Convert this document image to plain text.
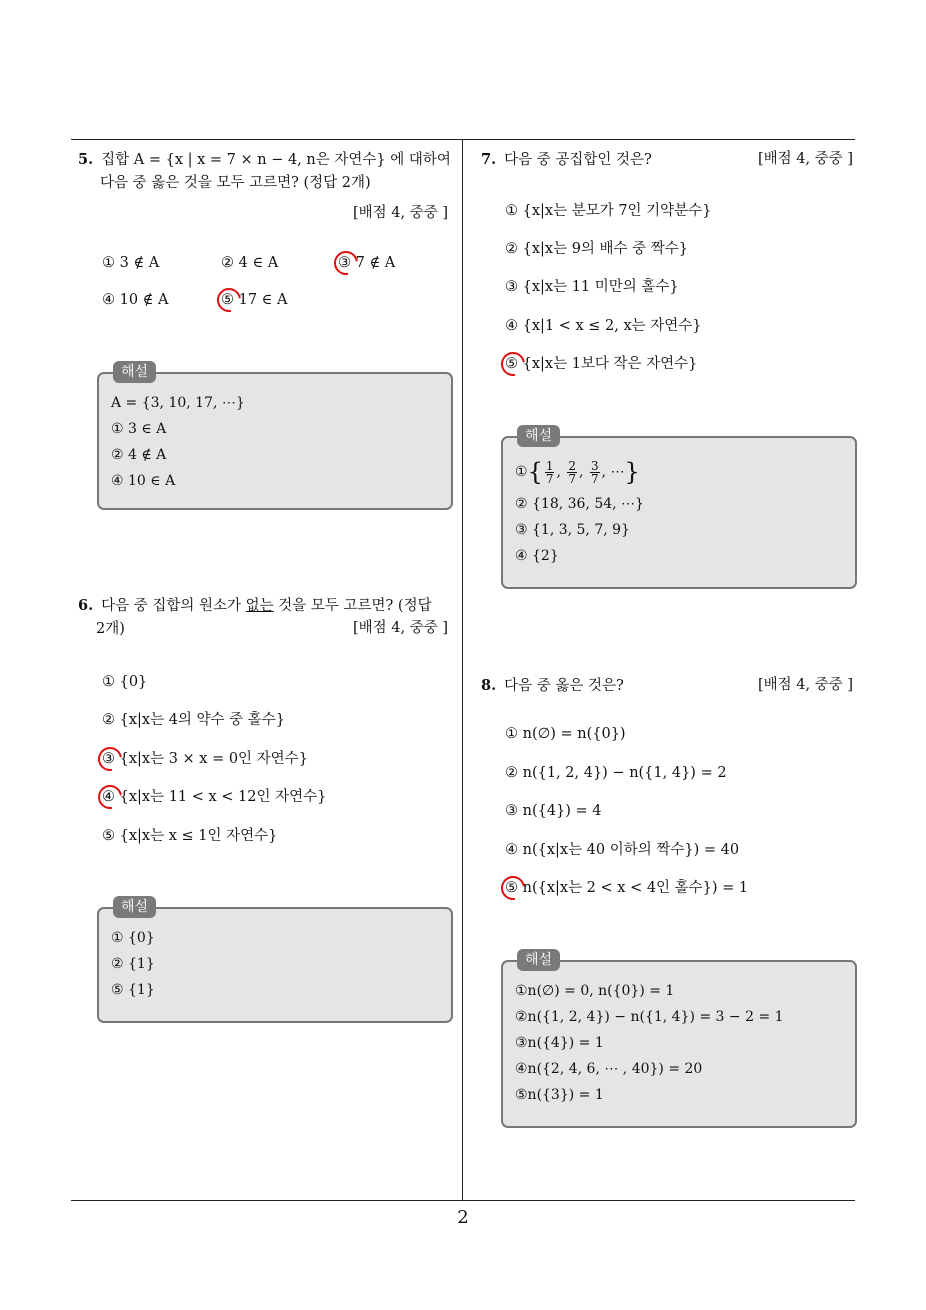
5. 집합 A = {x | x = 7 × n − 4, n은 자연수} 에 대하여
다음 중 옳은 것을 모두 고르면? (정답 2개)
[배점 4, 중중 ]
① 3 ∉ A	② 4 ∈ A	③ 7 ∉ A
④ 10 ∉ A	⑤ 17 ∈ A
해설
A = {3, 10, 17, ⋯}
① 3 ∈ A
② 4 ∉ A
④ 10 ∈ A
6. 다음 중 집합의 원소가 없는 것을 모두 고르면? (정답
2개)	[배점 4, 중중 ]
① {0}
② {x|x는 4의 약수 중 홀수}
③ {x|x는 3 × x = 0인 자연수}
④ {x|x는 11 < x < 12인 자연수}
⑤ {x|x는 x ≤ 1인 자연수}
해설
① {0}
② {1}
⑤ {1}
7. 다음 중 공집합인 것은?	[배점 4, 중중 ]
① {x|x는 분모가 7인 기약분수}
② {x|x는 9의 배수 중 짝수}
③ {x|x는 11 미만의 홀수}
④ {x|1 < x ≤ 2, x는 자연수}
⑤ {x|x는 1보다 작은 자연수}
해설
①{ $\frac{1}{7}$ , $\frac{2}{7}$ , $\frac{3}{7}$ , ⋯}
② {18, 36, 54, ⋯}
③ {1, 3, 5, 7, 9}
④ {2}
8. 다음 중 옳은 것은?	[배점 4, 중중 ]
① n(∅) = n({0})
② n({1, 2, 4}) − n({1, 4}) = 2
③ n({4}) = 4
④ n({x|x는 40 이하의 짝수}) = 40
⑤ n({x|x는 2 < x < 4인 홀수}) = 1
해설
①n(∅) = 0, n({0}) = 1
②n({1, 2, 4}) − n({1, 4}) = 3 − 2 = 1
③n({4}) = 1
④n({2, 4, 6, ⋯ , 40}) = 20
⑤n({3}) = 1
2
